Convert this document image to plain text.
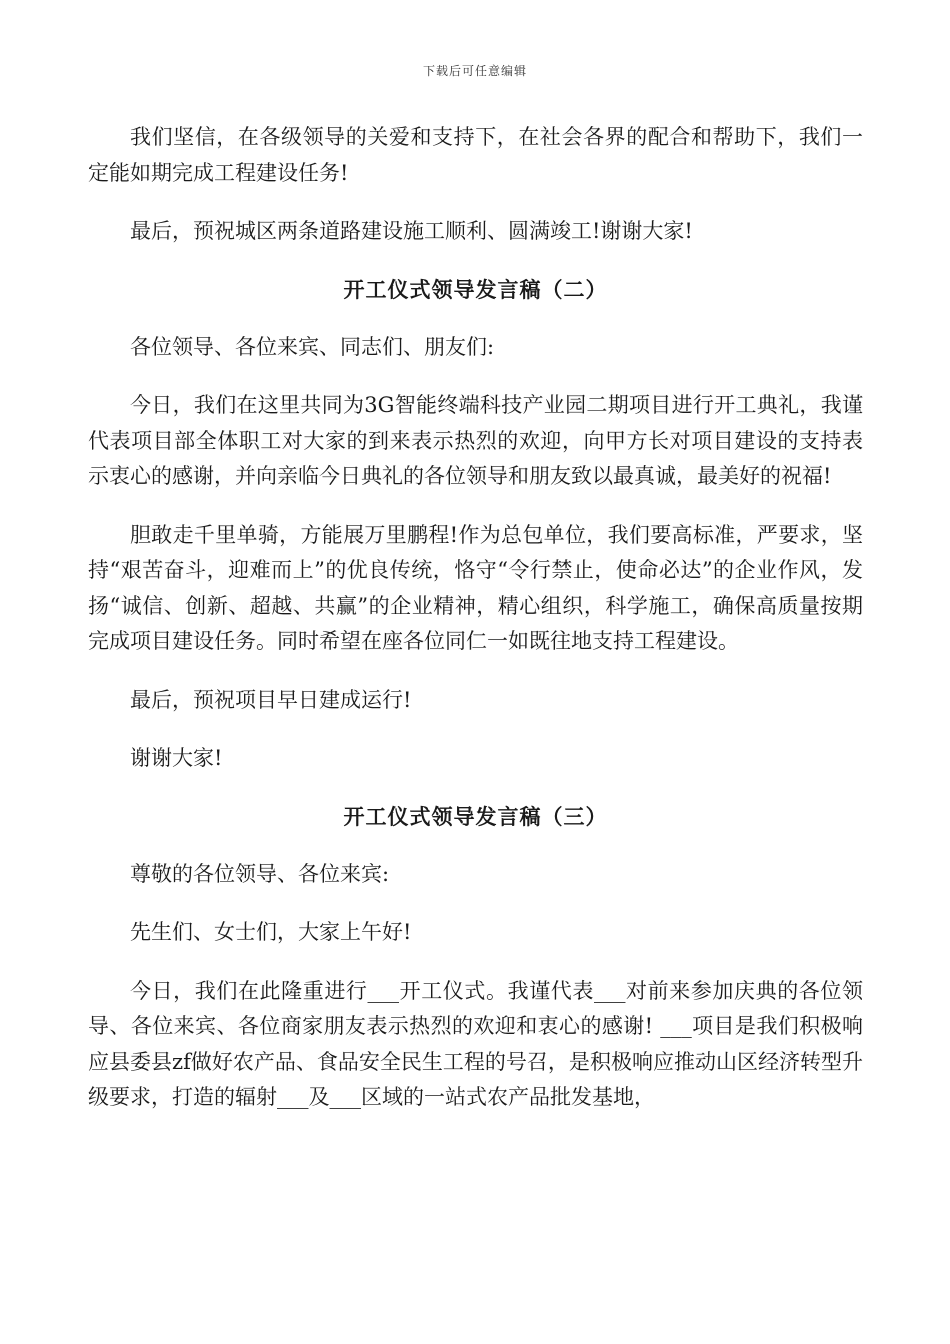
下载后可任意编辑

我们坚信，在各级领导的关爱和支持下，在社会各界的配合和帮助下，我们一定能如期完成工程建设任务!

最后，预祝城区两条道路建设施工顺利、圆满竣工!谢谢大家!

开工仪式领导发言稿（二）

各位领导、各位来宾、同志们、朋友们:

今日，我们在这里共同为3G智能终端科技产业园二期项目进行开工典礼，我谨代表项目部全体职工对大家的到来表示热烈的欢迎，向甲方长对项目建设的支持表示衷心的感谢，并向亲临今日典礼的各位领导和朋友致以最真诚，最美好的祝福!

胆敢走千里单骑，方能展万里鹏程!作为总包单位，我们要高标准，严要求，坚持“艰苦奋斗，迎难而上”的优良传统，恪守“令行禁止，使命必达”的企业作风，发扬“诚信、创新、超越、共赢”的企业精神，精心组织，科学施工，确保高质量按期完成项目建设任务。同时希望在座各位同仁一如既往地支持工程建设。

最后，预祝项目早日建成运行!

谢谢大家!

开工仪式领导发言稿（三）

尊敬的各位领导、各位来宾:

先生们、女士们，大家上午好!

今日，我们在此隆重进行___开工仪式。我谨代表___对前来参加庆典的各位领导、各位来宾、各位商家朋友表示热烈的欢迎和衷心的感谢! ___项目是我们积极响应县委县zf做好农产品、食品安全民生工程的号召，是积极响应推动山区经济转型升级要求，打造的辐射___及___区域的一站式农产品批发基地，
